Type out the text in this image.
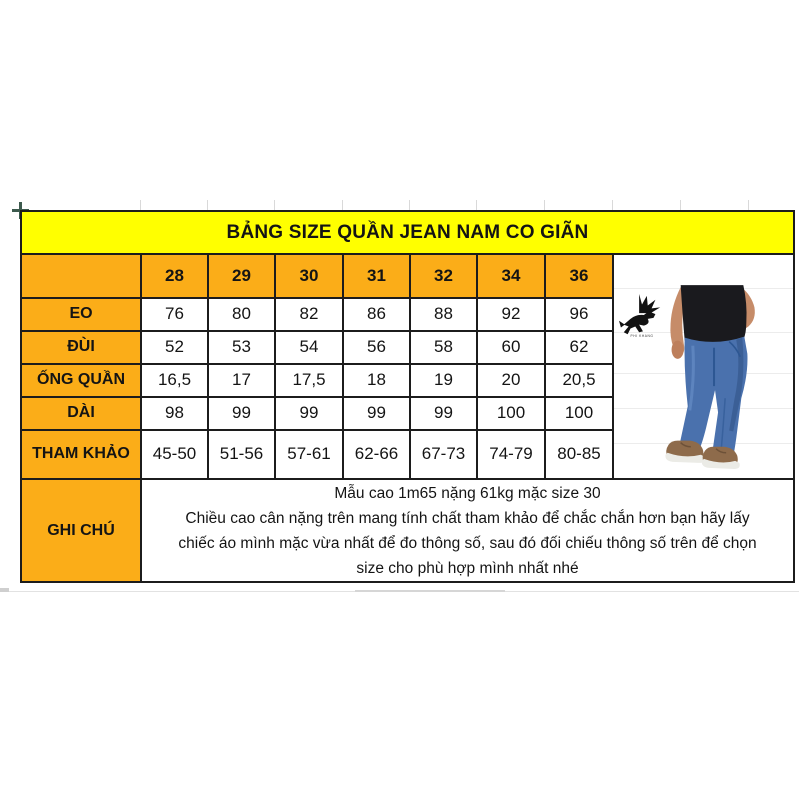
BẢNG SIZE QUẦN JEAN NAM CO GIÃN								
	28	29	30	31	32	34	36	PHI KHANG

EO	76	80	82	86	88	92	96	
ĐÙI	52	53	54	56	58	60	62	
ỐNG QUẦN	16,5	17	17,5	18	19	20	20,5	
DÀI	98	99	99	99	99	100	100	
THAM KHẢO	45-50	51-56	57-61	62-66	67-73	74-79	80-85	
GHI CHÚ	Mẫu cao 1m65 nặng 61kg mặc size 30
Chiều cao cân nặng trên mang tính chất tham khảo để chắc chắn hơn bạn hãy lấy
chiếc áo mình mặc vừa nhất để đo thông số, sau đó đối chiếu thông số trên để chọn
size cho phù hợp mình nhất nhé							
